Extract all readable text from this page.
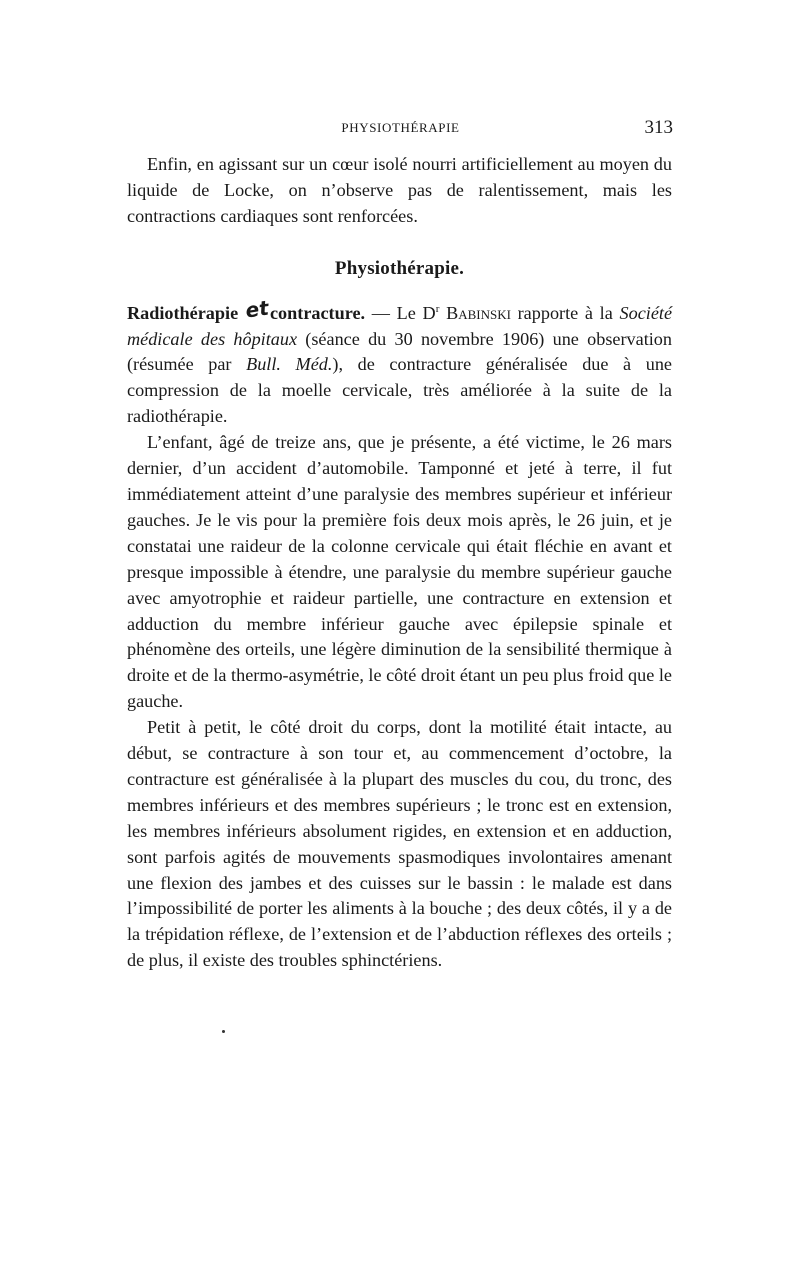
PHYSIOTHÉRAPIE	313

Enfin, en agissant sur un cœur isolé nourri artificiellement au moyen du liquide de Locke, on n’observe pas de ralentissement, mais les contractions cardiaques sont renforcées.

Physiothérapie.

Radiothérapie etcontracture. — Le $D^r$ Babinski rapporte à la Société médicale des hôpitaux (séance du 30 novembre 1906) une observation (résumée par Bull. Méd.), de contracture généralisée due à une compression de la moelle cervicale, très améliorée à la suite de la radiothérapie.

L’enfant, âgé de treize ans, que je présente, a été victime, le 26 mars dernier, d’un accident d’automobile. Tamponné et jeté à terre, il fut immédiatement atteint d’une paralysie des membres supérieur et inférieur gauches. Je le vis pour la première fois deux mois après, le 26 juin, et je constatai une raideur de la colonne cervicale qui était fléchie en avant et presque impossible à étendre, une paralysie du membre supérieur gauche avec amyotrophie et raideur partielle, une contracture en extension et adduction du membre inférieur gauche avec épilepsie spinale et phénomène des orteils, une légère diminution de la sensibilité thermique à droite et de la thermo-asymétrie, le côté droit étant un peu plus froid que le gauche.

Petit à petit, le côté droit du corps, dont la motilité était intacte, au début, se contracture à son tour et, au commencement d’octobre, la contracture est généralisée à la plupart des muscles du cou, du tronc, des membres inférieurs et des membres supérieurs ; le tronc est en extension, les membres inférieurs absolument rigides, en extension et en adduction, sont parfois agités de mouvements spasmodiques involontaires amenant une flexion des jambes et des cuisses sur le bassin : le malade est dans l’impossibilité de porter les aliments à la bouche ; des deux côtés, il y a de la trépidation réflexe, de l’extension et de l’abduction réflexes des orteils ; de plus, il existe des troubles sphinctériens.
